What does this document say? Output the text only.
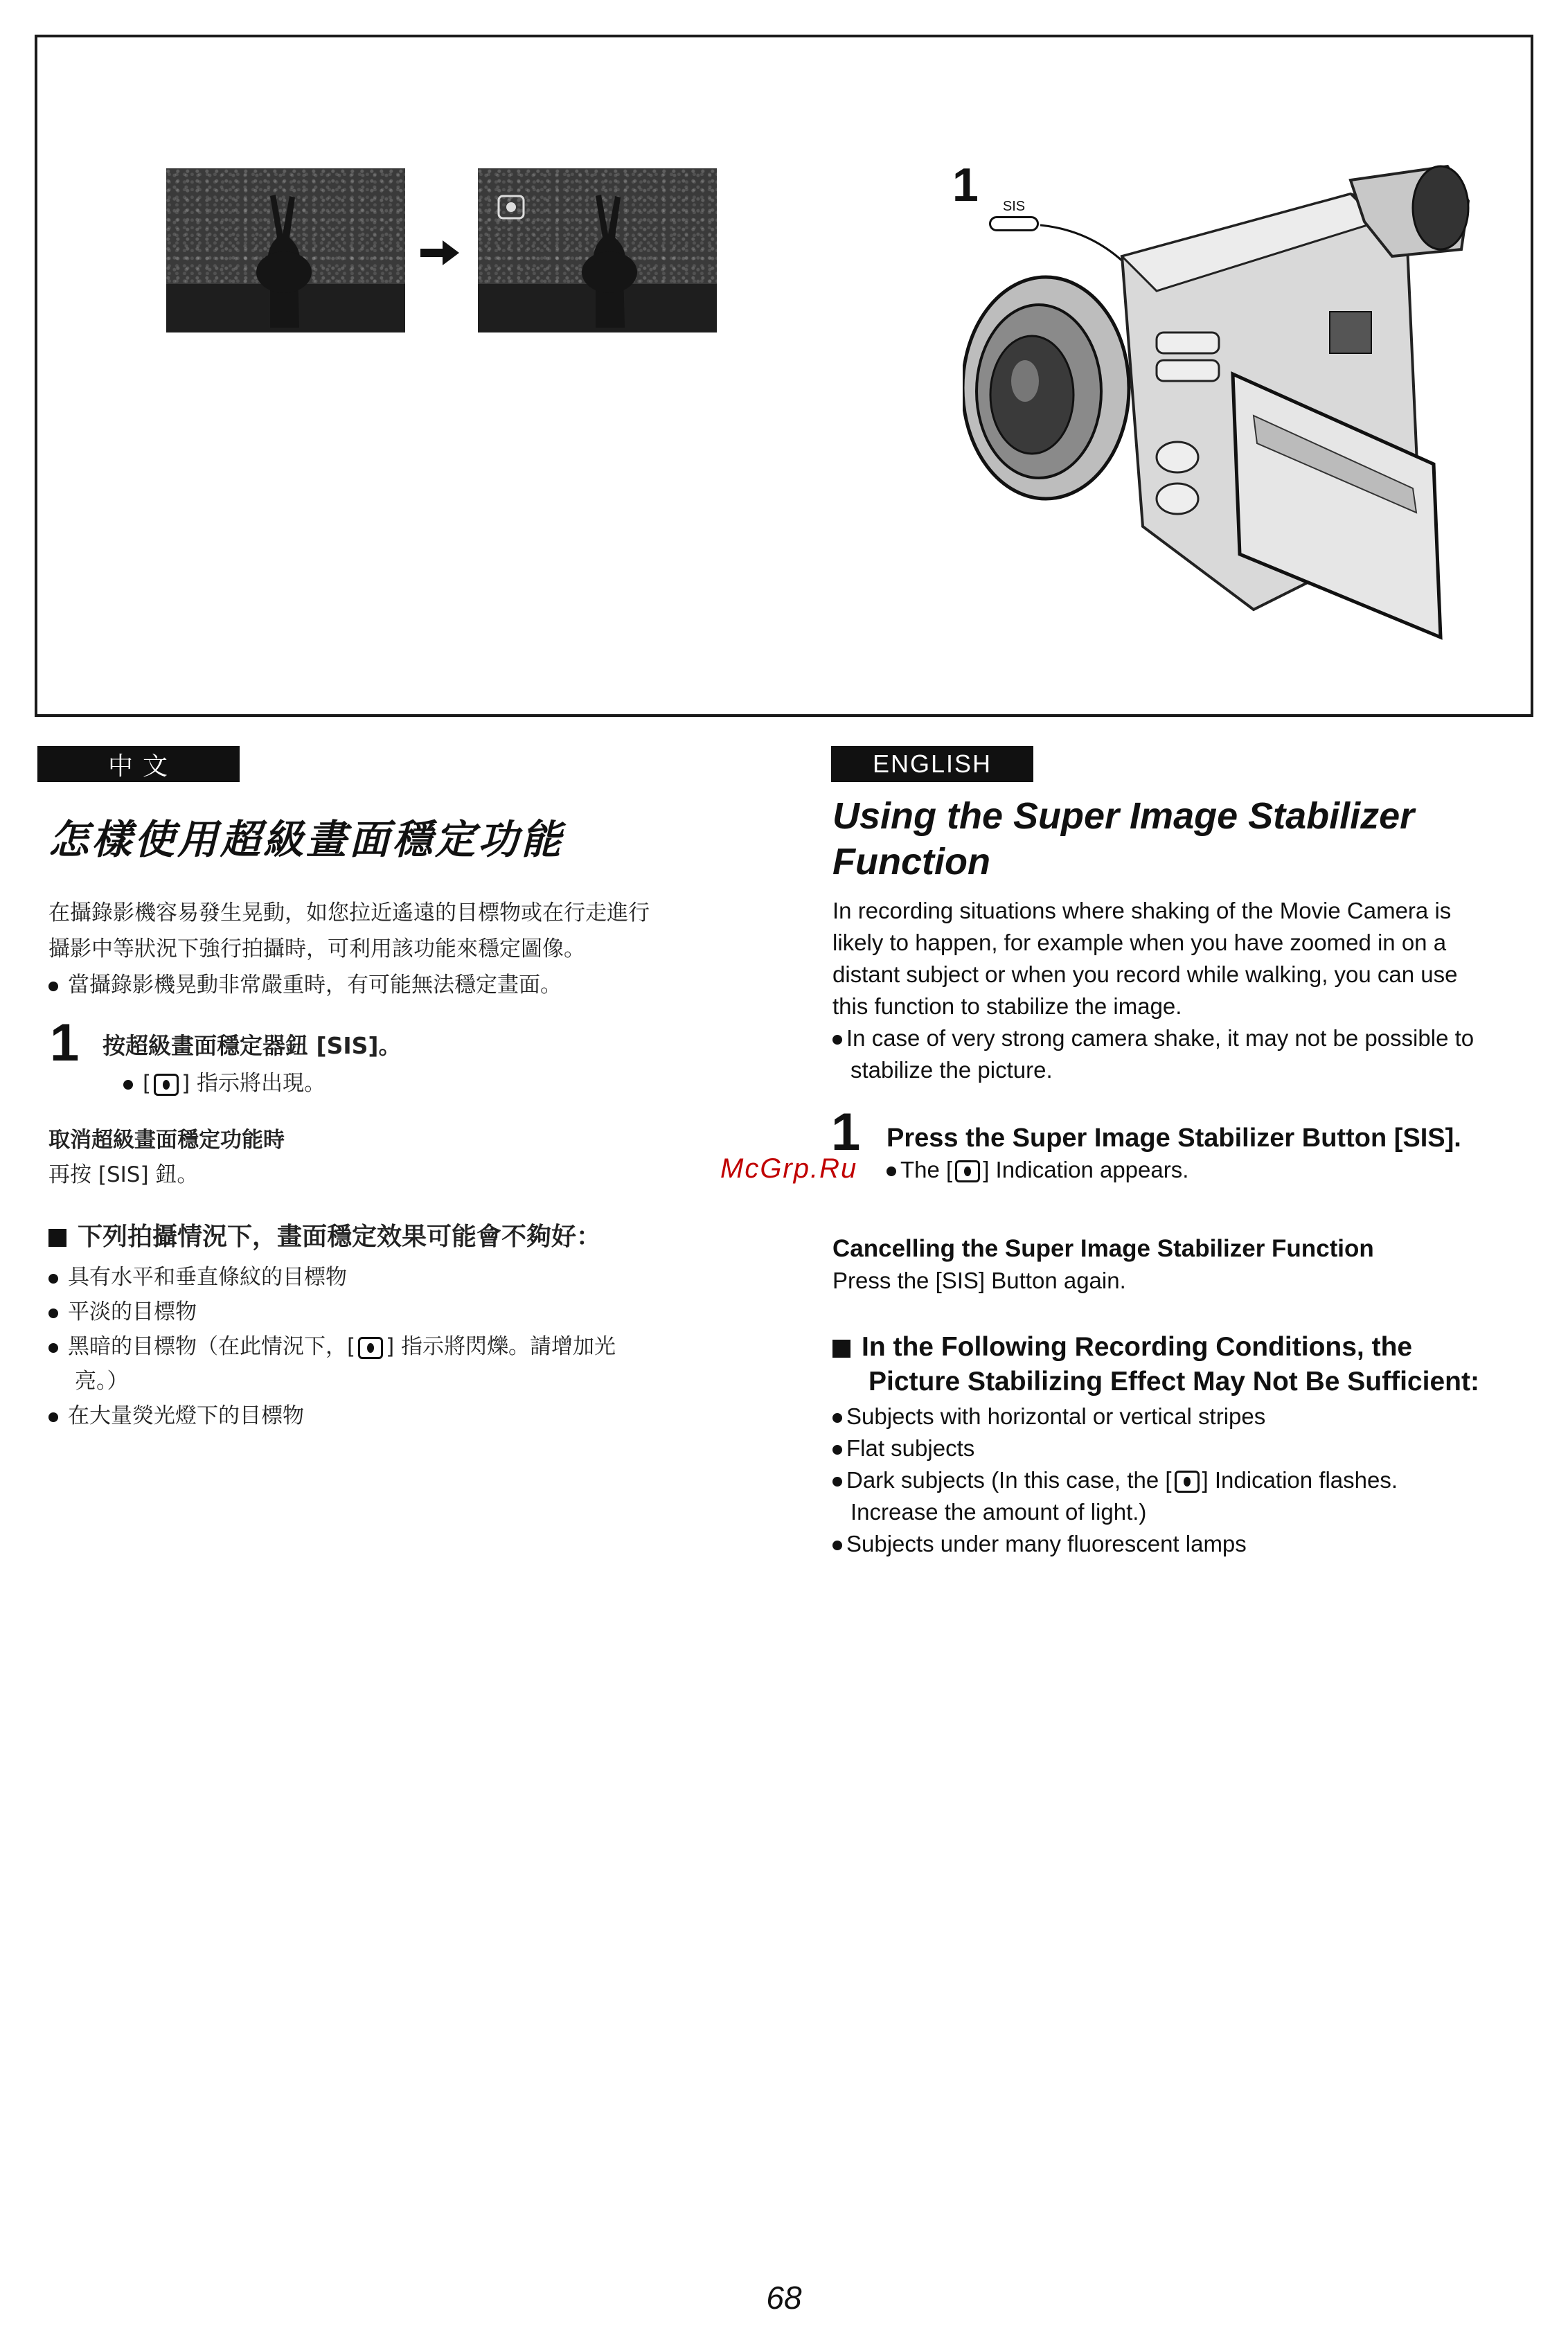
1	SIS
中 文
怎樣使用超級畫面穩定功能
在攝錄影機容易發生晃動，如您拉近遙遠的目標物或在行走進行
攝影中等狀況下強行拍攝時，可利用該功能來穩定圖像。
當攝錄影機晃動非常嚴重時，有可能無法穩定畫面。
1 按超級畫面穩定器鈕 [SIS]。
[ ] 指示將出現。
取消超級畫面穩定功能時
再按 [SIS] 鈕。	McGrp.Ru
下列拍攝情況下，畫面穩定效果可能會不夠好：
具有水平和垂直條紋的目標物
平淡的目標物
黑暗的目標物（在此情況下，[ ] 指示將閃爍。請增加光
亮。）
在大量熒光燈下的目標物
ENGLISH
Using the Super Image Stabilizer
Function
In recording situations where shaking of the Movie Camera is
likely to happen, for example when you have zoomed in on a
distant subject or when you record while walking, you can use
this function to stabilize the image.
In case of very strong camera shake, it may not be possible to
stabilize the picture.
1 Press the Super Image Stabilizer Button [SIS].
The [ ] Indication appears.
Cancelling the Super Image Stabilizer Function
Press the [SIS] Button again.
In the Following Recording Conditions, the
Picture Stabilizing Effect May Not Be Sufficient:
Subjects with horizontal or vertical stripes
Flat subjects
Dark subjects (In this case, the [ ] Indication flashes.
Increase the amount of light.)
Subjects under many fluorescent lamps
68
